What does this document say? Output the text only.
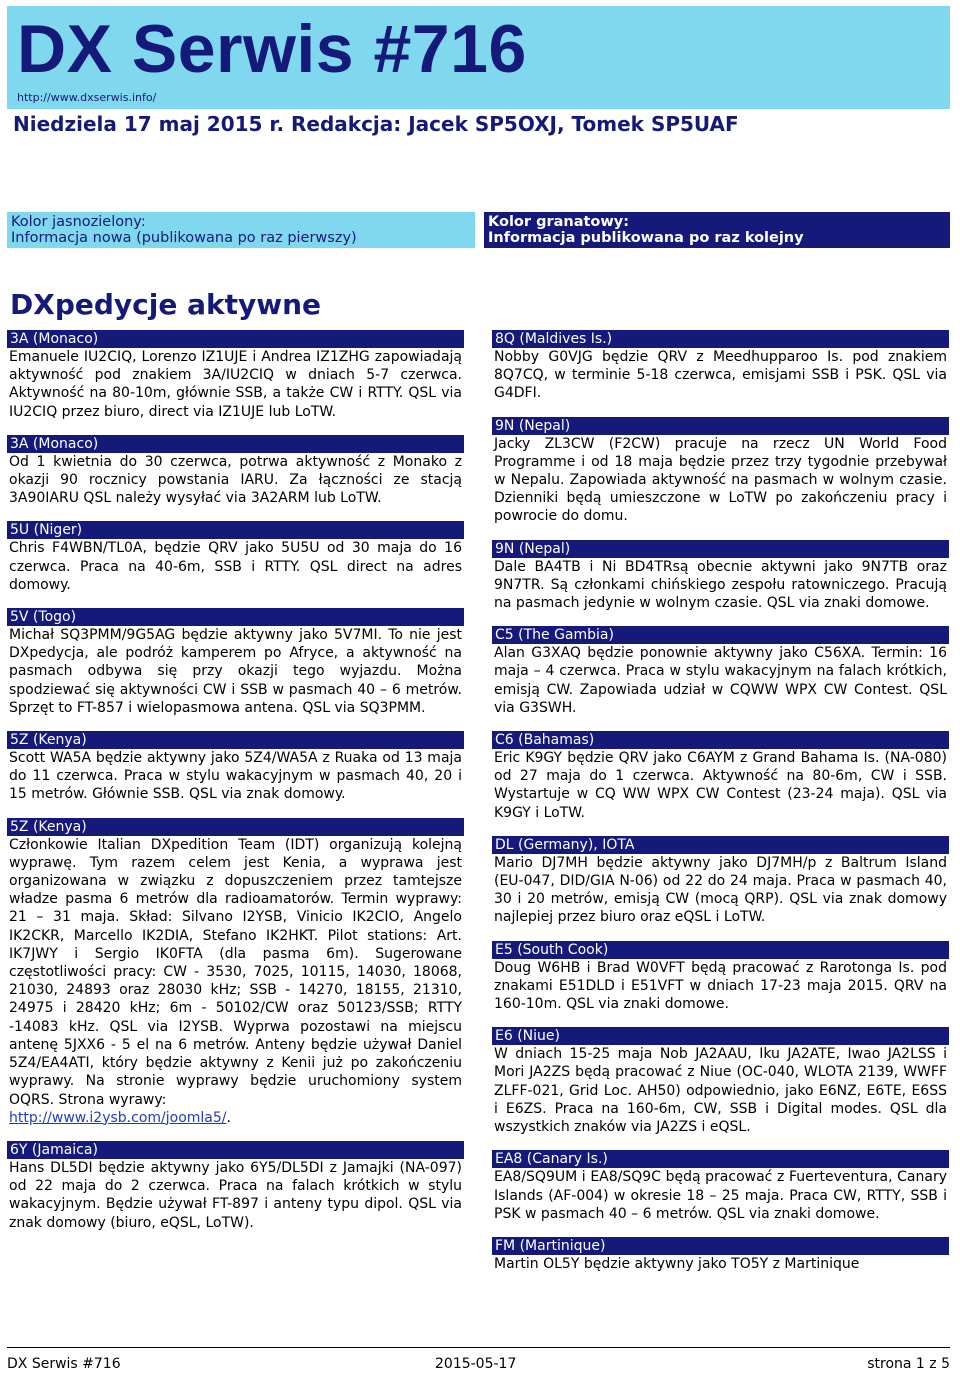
DX Serwis #716
http://www.dxserwis.info/
Niedziela 17 maj 2015 r. Redakcja: Jacek SP5OXJ, Tomek SP5UAF
Kolor jasnozielony:
Informacja nowa (publikowana po raz pierwszy)
Kolor granatowy:
Informacja publikowana po raz kolejny
DXpedycje aktywne
3A (Monaco)
Emanuele IU2CIQ, Lorenzo IZ1UJE i Andrea IZ1ZHG zapowiadają aktywność pod znakiem 3A/IU2CIQ w dniach 5-7 czerwca. Aktywność na 80-10m, głównie SSB, a także CW i RTTY. QSL via IU2CIQ przez biuro, direct via IZ1UJE lub LoTW.
3A (Monaco)
Od 1 kwietnia do 30 czerwca, potrwa aktywność z Monako z okazji 90 rocznicy powstania IARU. Za łączności ze stacją 3A90IARU QSL należy wysyłać via 3A2ARM lub LoTW.
5U (Niger)
Chris F4WBN/TL0A, będzie QRV jako 5U5U od 30 maja do 16 czerwca. Praca na 40-6m, SSB i RTTY. QSL direct na adres domowy.
5V (Togo)
Michał SQ3PMM/9G5AG będzie aktywny jako 5V7MI. To nie jest DXpedycja, ale podróż kamperem po Afryce, a aktywność na pasmach odbywa się przy okazji tego wyjazdu. Można spodziewać się aktywności CW i SSB w pasmach 40 – 6 metrów. Sprzęt to FT-857 i wielopasmowa antena. QSL via SQ3PMM.
5Z (Kenya)
Scott WA5A będzie aktywny jako 5Z4/WA5A z Ruaka od 13 maja do 11 czerwca. Praca w stylu wakacyjnym w pasmach 40, 20 i 15 metrów. Głównie SSB. QSL via znak domowy.
5Z (Kenya)
Członkowie Italian DXpedition Team (IDT) organizują kolejną wyprawę. Tym razem celem jest Kenia, a wyprawa jest organizowana w związku z dopuszczeniem przez tamtejsze władze pasma 6 metrów dla radioamatorów. Termin wyprawy: 21 – 31 maja. Skład: Silvano I2YSB, Vinicio IK2CIO, Angelo IK2CKR, Marcello IK2DIA, Stefano IK2HKT. Pilot stations: Art. IK7JWY i Sergio IK0FTA (dla pasma 6m). Sugerowane częstotliwości pracy: CW - 3530, 7025, 10115, 14030, 18068, 21030, 24893 oraz 28030 kHz; SSB - 14270, 18155, 21310, 24975 i 28420 kHz; 6m - 50102/CW oraz 50123/SSB; RTTY -14083 kHz. QSL via I2YSB. Wyprwa pozostawi na miejscu antenę 5JXX6 - 5 el na 6 metrów. Anteny będzie używał Daniel 5Z4/EA4ATI, który będzie aktywny z Kenii już po zakończeniu wyprawy. Na stronie wyprawy będzie uruchomiony system OQRS. Strona wyrawy:
http://www.i2ysb.com/joomla5/.
6Y (Jamaica)
Hans DL5DI będzie aktywny jako 6Y5/DL5DI z Jamajki (NA-097) od 22 maja do 2 czerwca. Praca na falach krótkich w stylu wakacyjnym. Będzie używał FT-897 i anteny typu dipol. QSL via znak domowy (biuro, eQSL, LoTW).
8Q (Maldives Is.)
Nobby G0VJG będzie QRV z Meedhupparoo Is. pod znakiem 8Q7CQ, w terminie 5-18 czerwca, emisjami SSB i PSK. QSL via G4DFI.
9N (Nepal)
Jacky ZL3CW (F2CW) pracuje na rzecz UN World Food Programme i od 18 maja będzie przez trzy tygodnie przebywał w Nepalu. Zapowiada aktywność na pasmach w wolnym czasie. Dzienniki będą umieszczone w LoTW po zakończeniu pracy i powrocie do domu.
9N (Nepal)
Dale BA4TB i Ni BD4TRsą obecnie aktywni jako 9N7TB oraz 9N7TR. Są członkami chińskiego zespołu ratowniczego. Pracują na pasmach jedynie w wolnym czasie. QSL via znaki domowe.
C5 (The Gambia)
Alan G3XAQ będzie ponownie aktywny jako C56XA. Termin: 16 maja – 4 czerwca. Praca w stylu wakacyjnym na falach krótkich, emisją CW. Zapowiada udział w CQWW WPX CW Contest. QSL via G3SWH.
C6 (Bahamas)
Eric K9GY będzie QRV jako C6AYM z Grand Bahama Is. (NA-080) od 27 maja do 1 czerwca. Aktywność na 80-6m, CW i SSB. Wystartuje w CQ WW WPX CW Contest (23-24 maja). QSL via K9GY i LoTW.
DL (Germany), IOTA
Mario DJ7MH będzie aktywny jako DJ7MH/p z Baltrum Island (EU-047, DID/GIA N-06) od 22 do 24 maja. Praca w pasmach 40, 30 i 20 metrów, emisją CW (mocą QRP). QSL via znak domowy najlepiej przez biuro oraz eQSL i LoTW.
E5 (South Cook)
Doug W6HB i Brad W0VFT będą pracować z Rarotonga Is. pod znakami E51DLD i E51VFT w dniach 17-23 maja 2015. QRV na 160-10m. QSL via znaki domowe.
E6 (Niue)
W dniach 15-25 maja Nob JA2AAU, Iku JA2ATE, Iwao JA2LSS i Mori JA2ZS będą pracować z Niue (OC-040, WLOTA 2139, WWFF ZLFF-021, Grid Loc. AH50) odpowiednio, jako E6NZ, E6TE, E6SS i E6ZS. Praca na 160-6m, CW, SSB i Digital modes. QSL dla wszystkich znaków via JA2ZS i eQSL.
EA8 (Canary Is.)
EA8/SQ9UM i EA8/SQ9C będą pracować z Fuerteventura, Canary Islands (AF-004) w okresie 18 – 25 maja. Praca CW, RTTY, SSB i PSK w pasmach 40 – 6 metrów. QSL via znaki domowe.
FM (Martinique)
Martin OL5Y będzie aktywny jako TO5Y z Martinique
DX Serwis #716	2015-05-17	strona 1 z 5
